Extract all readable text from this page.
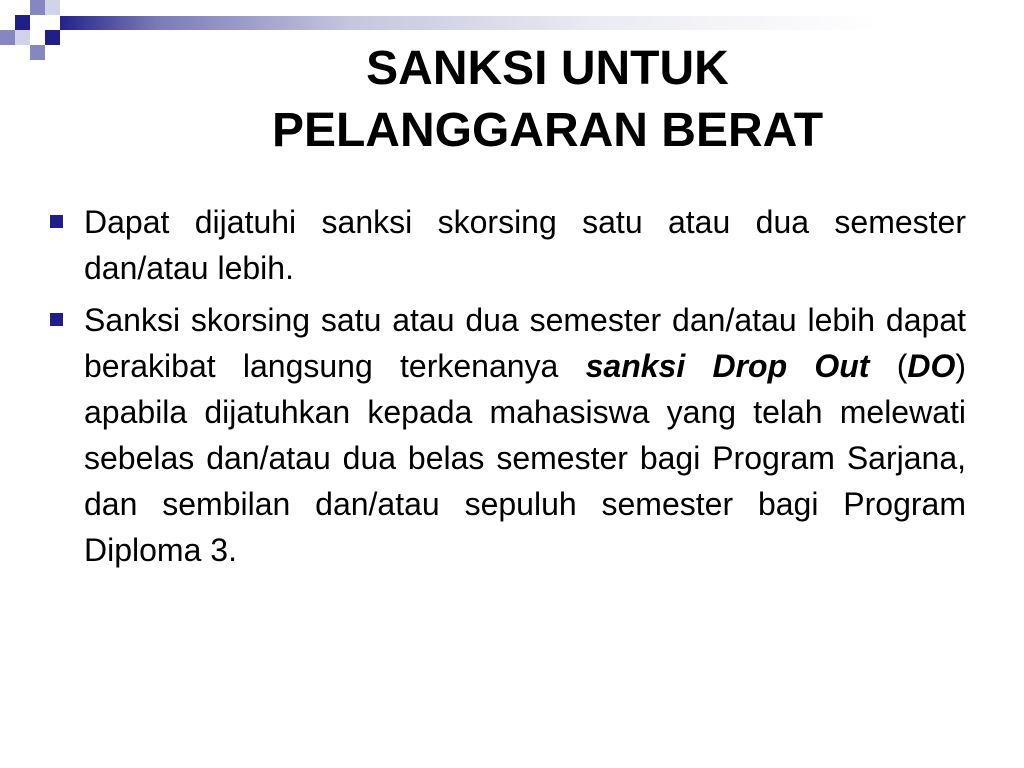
SANKSI UNTUK
PELANGGARAN BERAT
Dapat dijatuhi sanksi skorsing satu atau dua semester dan/atau lebih.
Sanksi skorsing satu atau dua semester dan/atau lebih dapat berakibat langsung terkenanya sanksi Drop Out (DO) apabila dijatuhkan kepada mahasiswa yang telah melewati sebelas dan/atau dua belas semester bagi Program Sarjana, dan sembilan dan/atau sepuluh semester bagi Program Diploma 3.
